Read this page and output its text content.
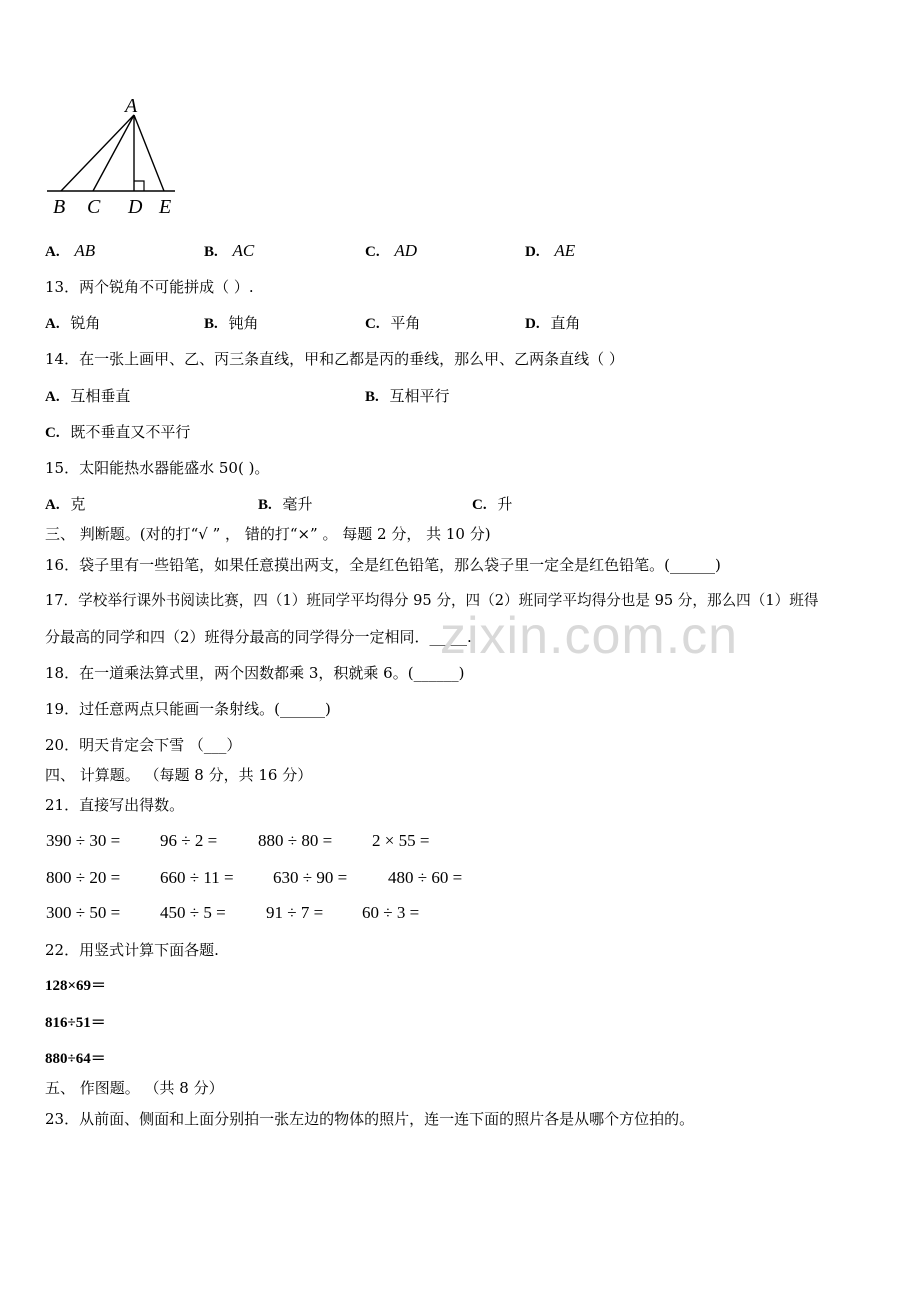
A
B C D E
A. AB	B. AC	C. AD	D. AE
13．两个锐角不可能拼成（ ）.
A. 锐角	B. 钝角	C. 平角	D. 直角
14．在一张上画甲、乙、丙三条直线，甲和乙都是丙的垂线，那么甲、乙两条直线（ ）
A. 互相垂直	B. 互相平行
C. 既不垂直又不平行
15．太阳能热水器能盛水 50( )。
A. 克	B. 毫升	C. 升
三、 判断题。(对的打“√ ” ， 错的打“×” 。 每题 2 分， 共 10 分)
16．袋子里有一些铅笔，如果任意摸出两支，全是红色铅笔，那么袋子里一定全是红色铅笔。(______)
17．学校举行课外书阅读比赛，四（1）班同学平均得分 95 分，四（2）班同学平均得分也是 95 分，那么四（1）班得
分最高的同学和四（2）班得分最高的同学得分一定相同．_____.
18．在一道乘法算式里，两个因数都乘 3，积就乘 6。(______)
19．过任意两点只能画一条射线。(______)
20．明天肯定会下雪 （___）
四、 计算题。 （每题 8 分，共 16 分）
21．直接写出得数。
390 ÷ 30 = 96 ÷ 2 = 880 ÷ 80 = 2 × 55 =
800 ÷ 20 = 660 ÷ 11 = 630 ÷ 90 = 480 ÷ 60 =
300 ÷ 50 = 450 ÷ 5 = 91 ÷ 7 = 60 ÷ 3 =
22．用竖式计算下面各题.
128×69＝
816÷51＝
880÷64＝
五、 作图题。 （共 8 分）
23．从前面、侧面和上面分别拍一张左边的物体的照片，连一连下面的照片各是从哪个方位拍的。
zixin.com.cn
